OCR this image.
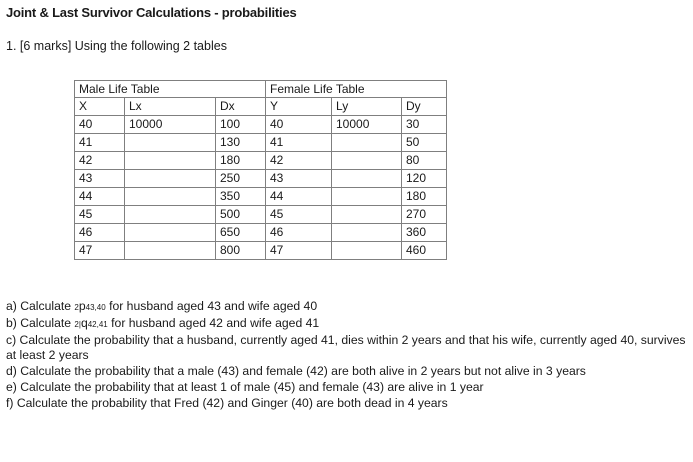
Joint & Last Survivor Calculations - probabilities
1. [6 marks] Using the following 2 tables
Male Life Table			Female Life Table		
X	Lx	Dx	Y	Ly	Dy
40	10000	100	40	10000	30
41		130	41		50
42		180	42		80
43		250	43		120
44		350	44		180
45		500	45		270
46		650	46		360
47		800	47		460
a) Calculate 2p43,40 for husband aged 43 and wife aged 40
b) Calculate 2|q42,41 for husband aged 42 and wife aged 41
c) Calculate the probability that a husband, currently aged 41, dies within 2 years and that his wife, currently aged 40, survives at least 2 years
d) Calculate the probability that a male (43) and female (42) are both alive in 2 years but not alive in 3 years
e) Calculate the probability that at least 1 of male (45) and female (43) are alive in 1 year
f) Calculate the probability that Fred (42) and Ginger (40) are both dead in 4 years
